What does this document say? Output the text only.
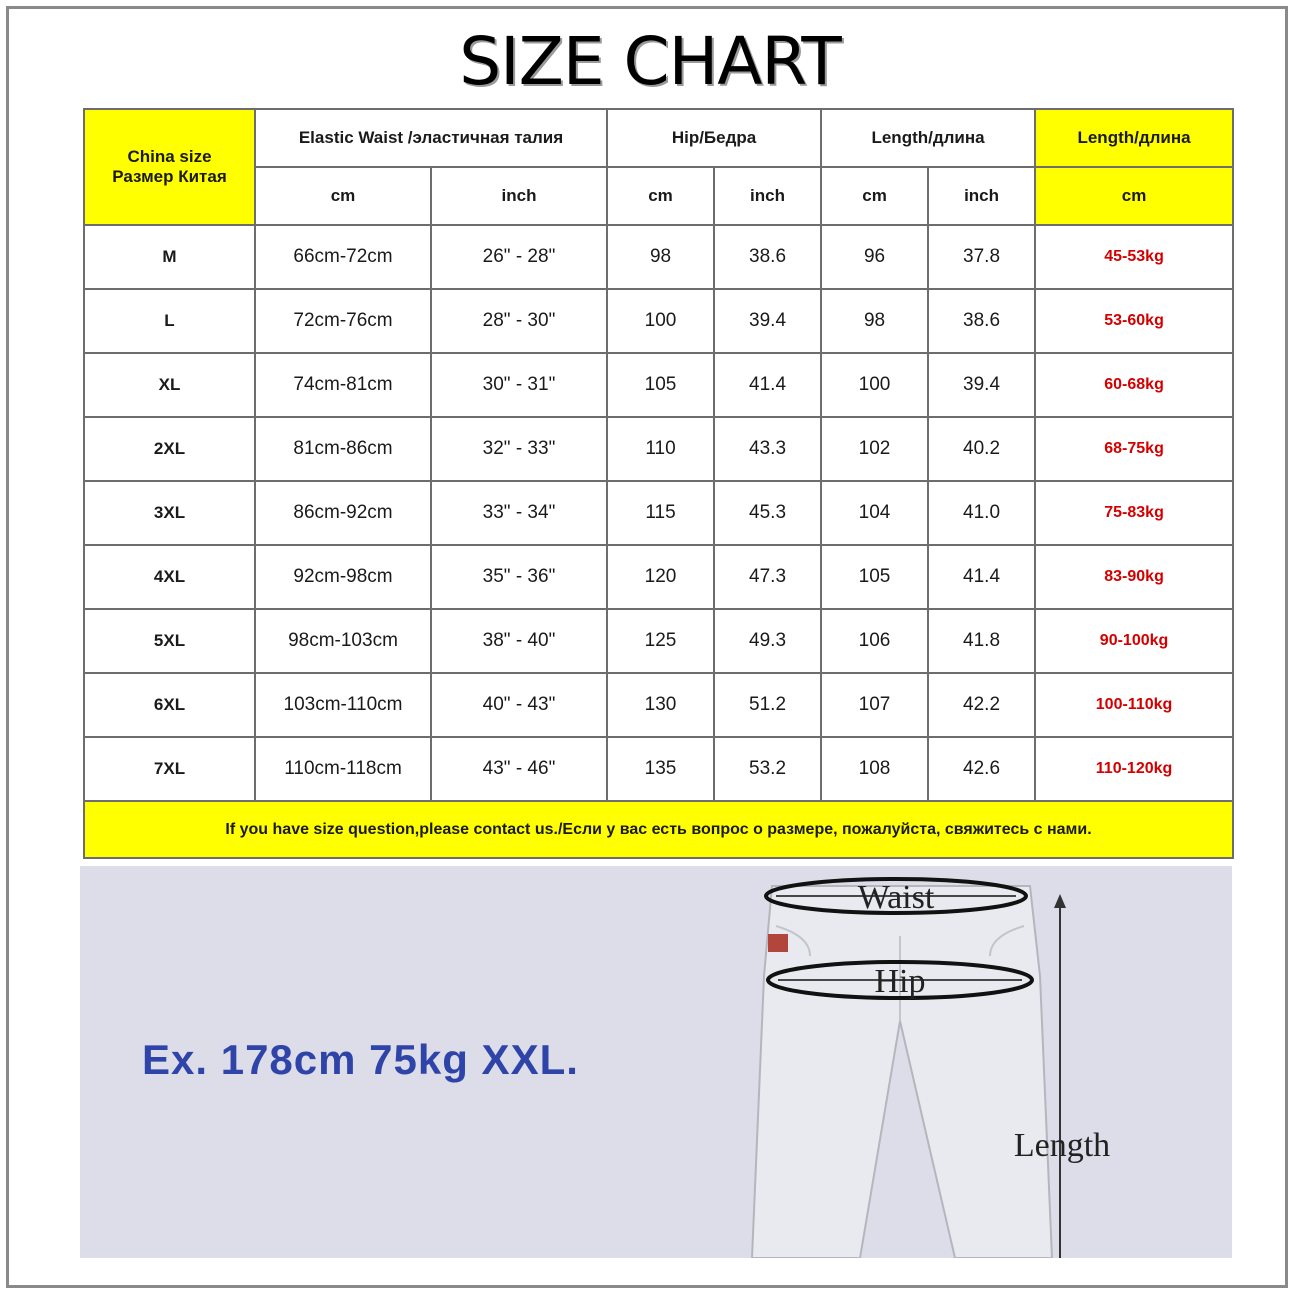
SIZE CHART
China size
Размер Китая	Elastic Waist /эластичная талия		Hip/Бедра		Length/длина		Length/длина
	cm	inch	cm	inch	cm	inch	cm
M	66cm-72cm	26" - 28"	98	38.6	96	37.8	45-53kg
L	72cm-76cm	28" - 30"	100	39.4	98	38.6	53-60kg
XL	74cm-81cm	30" - 31"	105	41.4	100	39.4	60-68kg
2XL	81cm-86cm	32" - 33"	110	43.3	102	40.2	68-75kg
3XL	86cm-92cm	33" - 34"	115	45.3	104	41.0	75-83kg
4XL	92cm-98cm	35" - 36"	120	47.3	105	41.4	83-90kg
5XL	98cm-103cm	38" - 40"	125	49.3	106	41.8	90-100kg
6XL	103cm-110cm	40" - 43"	130	51.2	107	42.2	100-110kg
7XL	110cm-118cm	43" - 46"	135	53.2	108	42.6	110-120kg
If you have size question,please contact us./Если у вас есть вопрос о размере, пожалуйста, свяжитесь с нами.							
Ex. 178cm 75kg XXL.
Waist
Hip
Length
